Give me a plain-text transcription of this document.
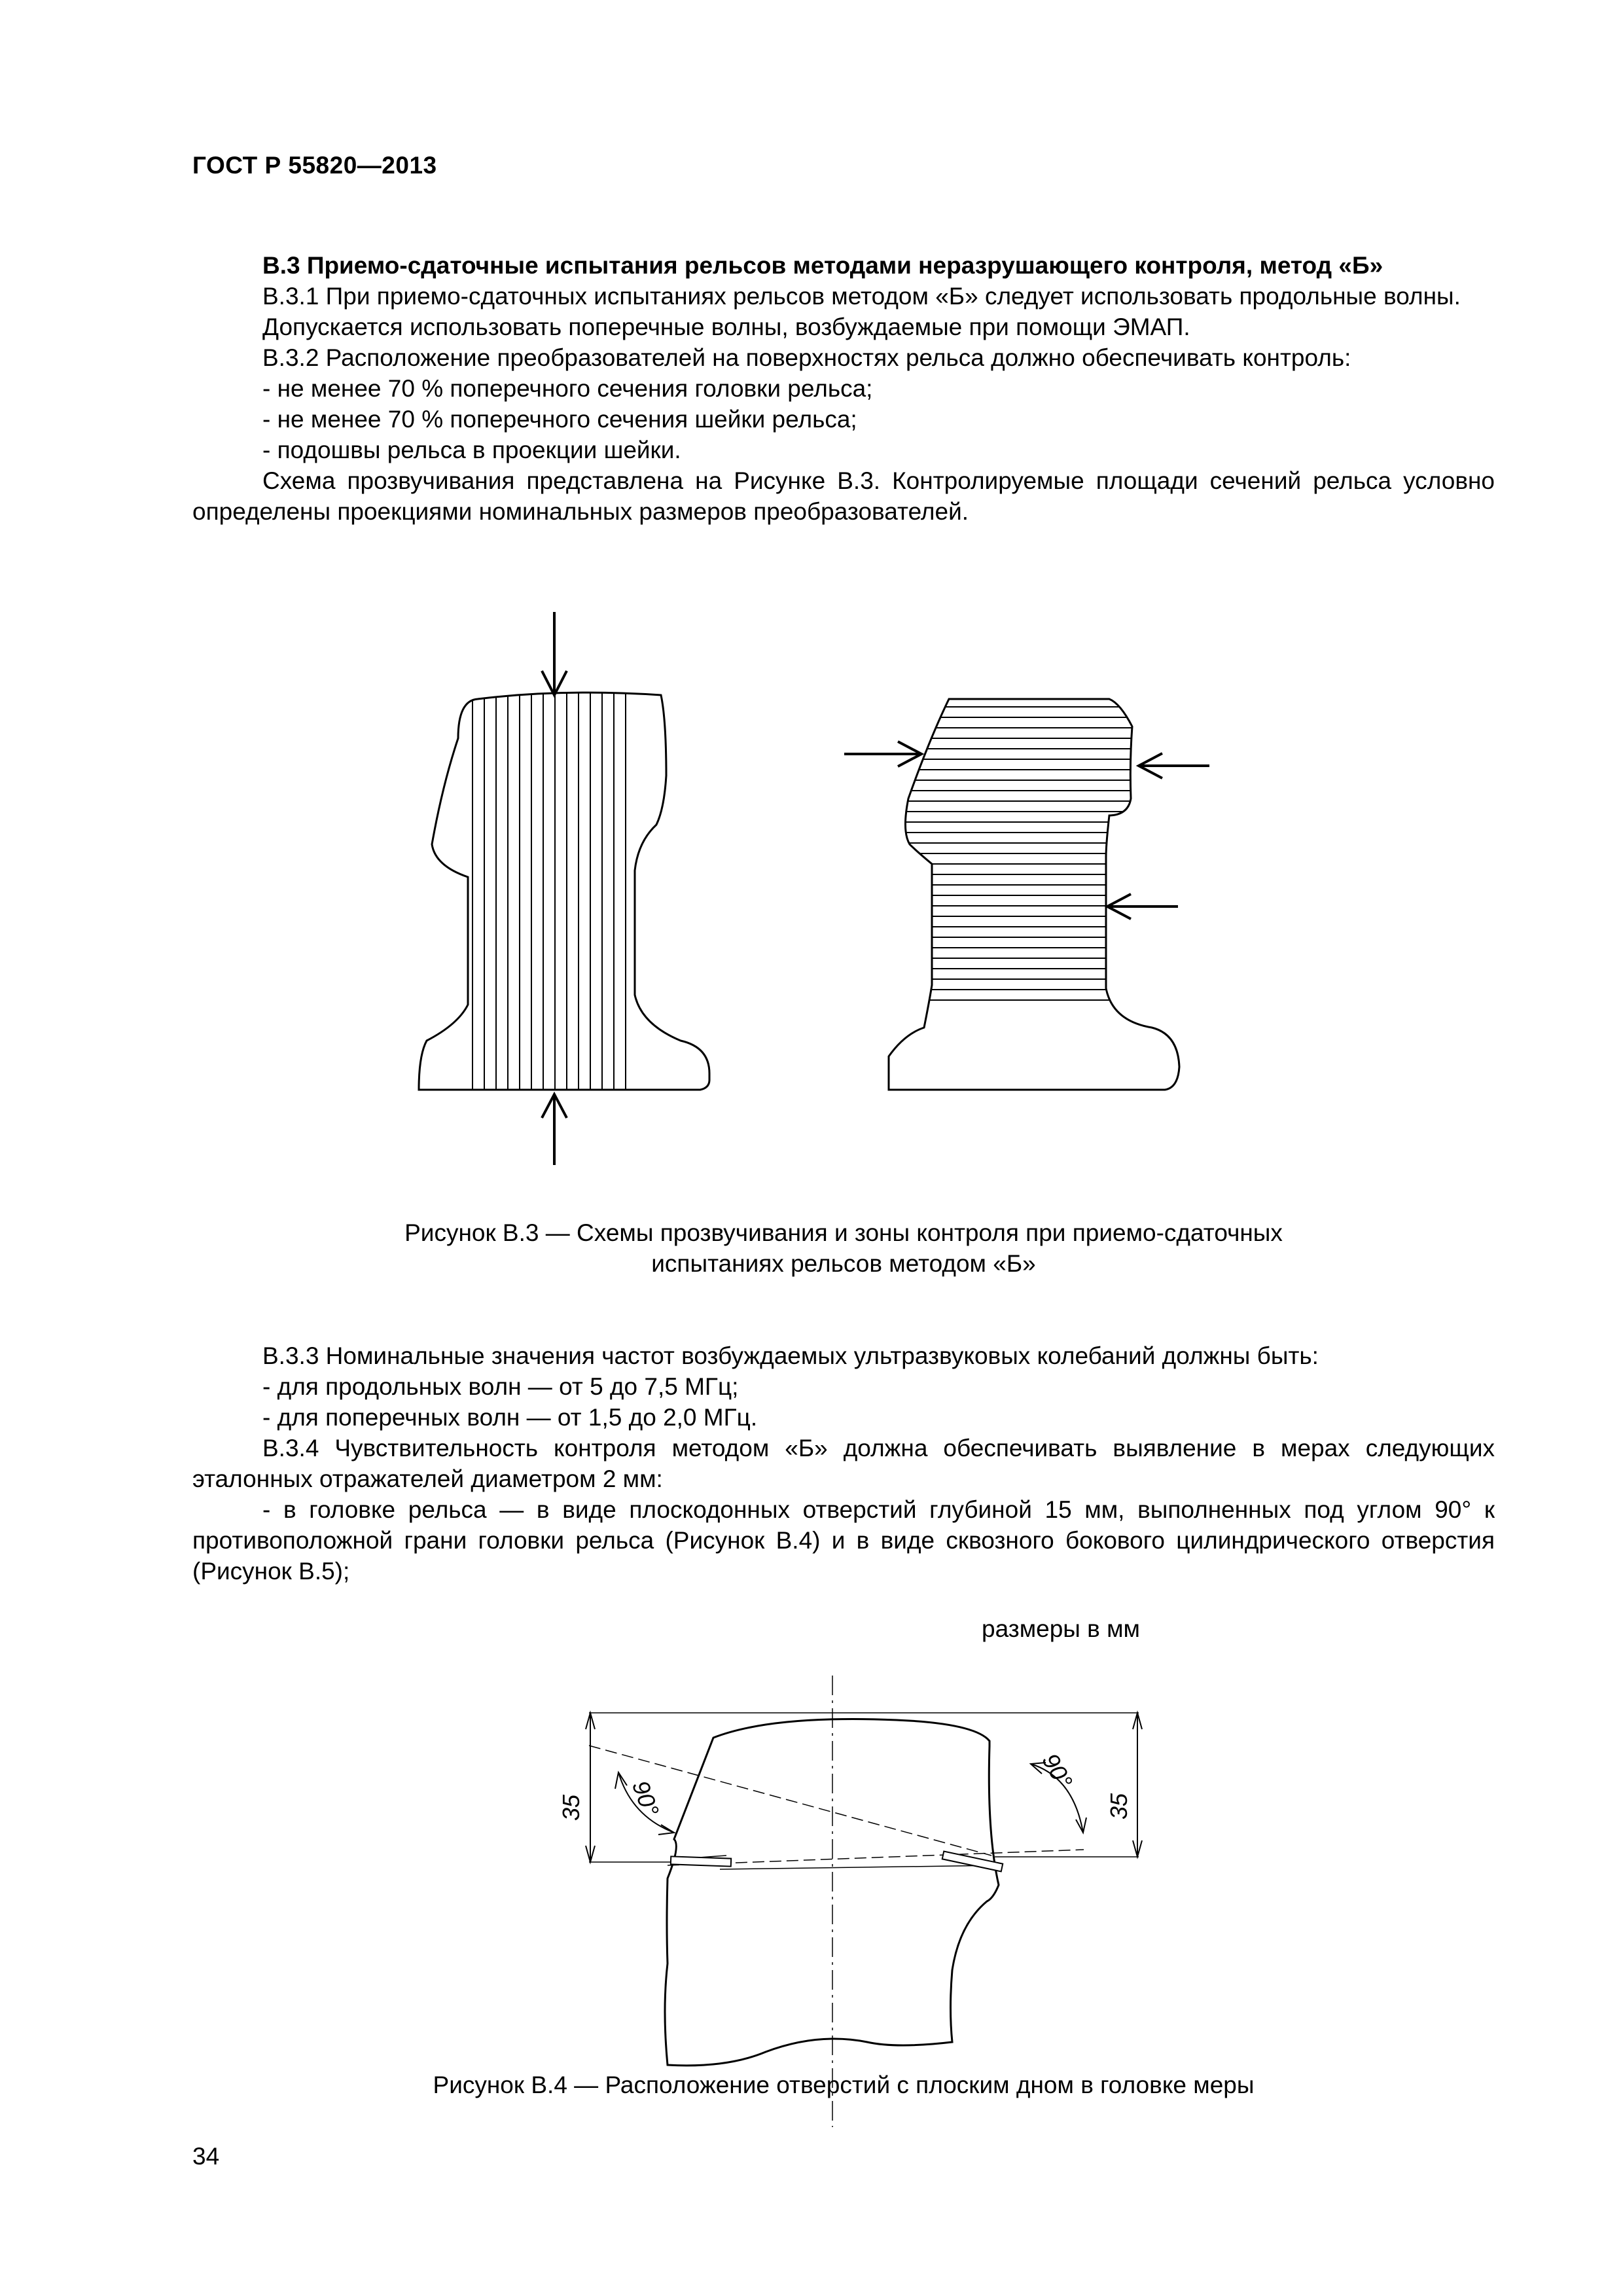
ГОСТ Р 55820—2013

В.3 Приемо-сдаточные испытания рельсов методами неразрушающего контроля, метод «Б»

В.3.1 При приемо-сдаточных испытаниях рельсов методом «Б» следует использовать продольные волны.

Допускается использовать поперечные волны, возбуждаемые при помощи ЭМАП.

В.3.2 Расположение преобразователей на поверхностях рельса должно обеспечивать контроль:

- не менее 70 % поперечного сечения головки рельса;

- не менее 70 % поперечного сечения шейки рельса;

- подошвы рельса в проекции шейки.

Схема прозвучивания представлена на Рисунке В.3. Контролируемые площади сечений рельса условно определены проекциями номинальных размеров преобразователей.

35	35
90°
90°
Рисунок В.3 — Схемы прозвучивания и зоны контроля при приемо-сдаточных испытаниях рельсов методом «Б»

В.3.3 Номинальные значения частот возбуждаемых ультразвуковых колебаний должны быть:

- для продольных волн — от 5 до 7,5 МГц;

- для поперечных волн — от 1,5 до 2,0 МГц.

В.3.4 Чувствительность контроля методом «Б» должна обеспечивать выявление в мерах следующих эталонных отражателей диаметром 2 мм:

- в головке рельса — в виде плоскодонных отверстий глубиной 15 мм, выполненных под углом 90° к противоположной грани головки рельса (Рисунок В.4) и в виде сквозного бокового цилиндрического отверстия (Рисунок В.5);

размеры в мм
Рисунок В.4 — Расположение отверстий с плоским дном в головке меры
34
